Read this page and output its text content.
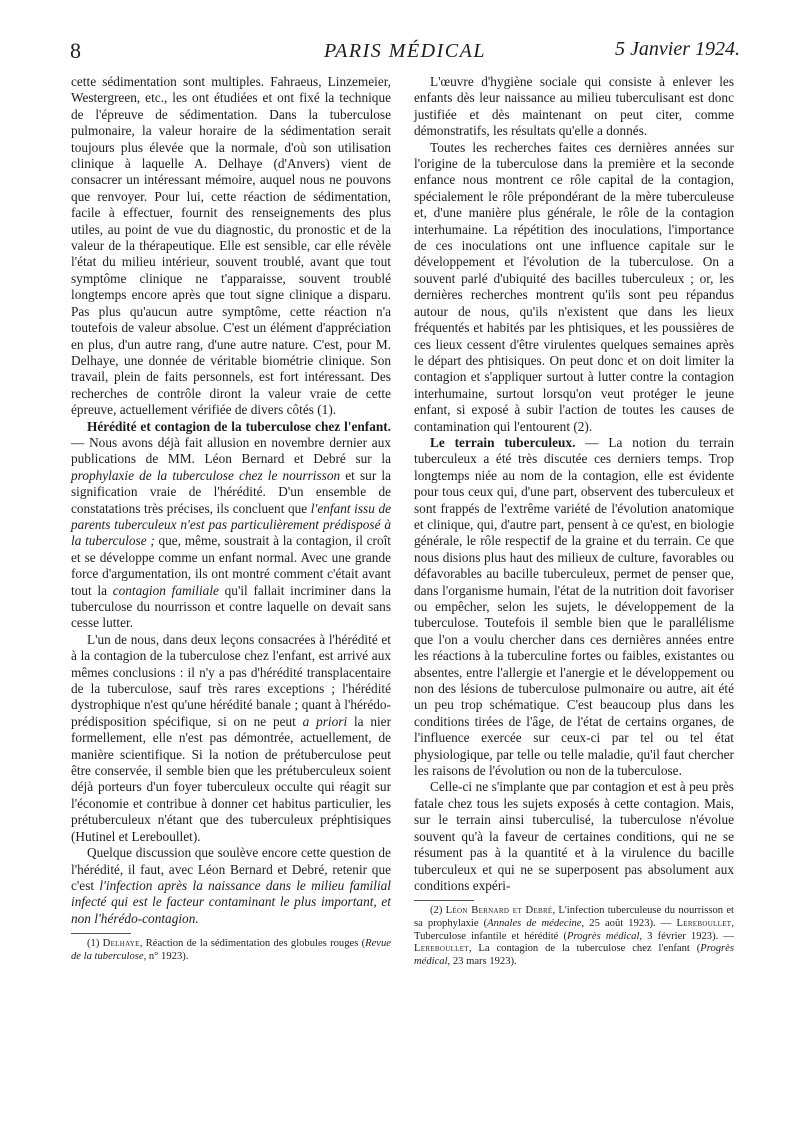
8	PARIS MÉDICAL	5 Janvier 1924.

cette sédimentation sont multiples. Fahraeus, Linzemeier, Westergreen, etc., les ont étudiées et ont fixé la technique de l'épreuve de sédimentation. Dans la tuberculose pulmonaire, la valeur horaire de la sédimentation serait toujours plus élevée que la normale, d'où son utilisation clinique à laquelle A. Delhaye (d'Anvers) vient de consacrer un intéressant mémoire, auquel nous ne pouvons que renvoyer. Pour lui, cette réaction de sédimentation, facile à effectuer, fournit des renseignements des plus utiles, au point de vue du diagnostic, du pronostic et de la valeur de la thérapeutique. Elle est sensible, car elle révèle l'état du milieu intérieur, souvent troublé, avant que tout symptôme clinique ne t'apparaisse, souvent troublé longtemps encore après que tout signe clinique a disparu. Pas plus qu'aucun autre symptôme, cette réaction n'a toutefois de valeur absolue. C'est un élément d'appréciation en plus, d'un autre rang, d'une autre nature. C'est, pour M. Delhaye, une donnée de véritable biométrie clinique. Son travail, plein de faits personnels, est fort intéressant. Des recherches de contrôle diront la valeur vraie de cette épreuve, actuellement vérifiée de divers côtés (1).

Hérédité et contagion de la tuberculose chez l'enfant. — Nous avons déjà fait allusion en novembre dernier aux publications de MM. Léon Bernard et Debré sur la prophylaxie de la tuberculose chez le nourrisson et sur la signification vraie de l'hérédité. D'un ensemble de constatations très précises, ils concluent que l'enfant issu de parents tuberculeux n'est pas particulièrement prédisposé à la tuberculose ; que, même, soustrait à la contagion, il croît et se développe comme un enfant normal. Avec une grande force d'argumentation, ils ont montré comment c'était avant tout la contagion familiale qu'il fallait incriminer dans la tuberculose du nourrisson et contre laquelle on devait sans cesse lutter.

L'un de nous, dans deux leçons consacrées à l'hérédité et à la contagion de la tuberculose chez l'enfant, est arrivé aux mêmes conclusions : il n'y a pas d'hérédité transplacentaire de la tuberculose, sauf très rares exceptions ; l'hérédité dystrophique n'est qu'une hérédité banale ; quant à l'hérédo-prédisposition spécifique, si on ne peut a priori la nier formellement, elle n'est pas démontrée, actuellement, de manière scientifique. Si la notion de prétuberculose peut être conservée, il semble bien que les prétuberculeux soient déjà porteurs d'un foyer tuberculeux occulte qui réagit sur l'économie et contribue à donner cet habitus particulier, les prétuberculeux n'étant que des tuberculeux préphtisiques (Hutinel et Lereboullet).

Quelque discussion que soulève encore cette question de l'hérédité, il faut, avec Léon Bernard et Debré, retenir que c'est l'infection après la naissance dans le milieu familial infecté qui est le facteur contaminant le plus important, et non l'hérédo-contagion.

(1) Delhaye, Réaction de la sédimentation des globules rouges (Revue de la tuberculose, n° 1923).

L'œuvre d'hygiène sociale qui consiste à enlever les enfants dès leur naissance au milieu tuberculisant est donc justifiée et dès maintenant on peut citer, comme démonstratifs, les résultats qu'elle a donnés.

Toutes les recherches faites ces dernières années sur l'origine de la tuberculose dans la première et la seconde enfance nous montrent ce rôle capital de la contagion, spécialement le rôle prépondérant de la mère tuberculeuse et, d'une manière plus générale, le rôle de la contagion interhumaine. La répétition des inoculations, l'importance de ces inoculations ont une influence capitale sur le développement et l'évolution de la tuberculose. On a souvent parlé d'ubiquité des bacilles tuberculeux ; or, les dernières recherches montrent qu'ils sont peu répandus autour de nous, qu'ils n'existent que dans les lieux fréquentés et habités par les phtisiques, et les poussières de ces lieux cessent d'être virulentes quelques semaines après le départ des phtisiques. On peut donc et on doit limiter la contagion et s'appliquer surtout à lutter contre la contagion interhumaine, surtout lorsqu'on veut protéger le jeune enfant, si exposé à subir l'action de toutes les causes de contamination qui l'entourent (2).

Le terrain tuberculeux. — La notion du terrain tuberculeux a été très discutée ces derniers temps. Trop longtemps niée au nom de la contagion, elle est évidente pour tous ceux qui, d'une part, observent des tuberculeux et sont frappés de l'extrême variété de l'évolution anatomique et clinique, qui, d'autre part, pensent à ce qu'est, en biologie générale, le rôle respectif de la graine et du terrain. Ce que nous disions plus haut des milieux de culture, favorables ou défavorables au bacille tuberculeux, permet de penser que, dans l'organisme humain, l'état de la nutrition doit favoriser ou empêcher, selon les sujets, le développement de la tuberculose. Toutefois il semble bien que le parallélisme que l'on a voulu chercher dans ces dernières années entre les réactions à la tuberculine fortes ou faibles, existantes ou absentes, entre l'allergie et l'anergie et le développement ou non des lésions de tuberculose pulmonaire ou autre, ait été un peu trop schématique. C'est beaucoup plus dans les conditions tirées de l'âge, de l'état de certains organes, de l'influence exercée sur ceux-ci par tel ou tel état physiologique, par telle ou telle maladie, qu'il faut chercher les raisons de l'évolution ou non de la tuberculose.

Celle-ci ne s'implante que par contagion et est à peu près fatale chez tous les sujets exposés à cette contagion. Mais, sur le terrain ainsi tuberculisé, la tuberculose n'évolue souvent qu'à la faveur de certaines conditions, qui ne se résument pas à la quantité et à la virulence du bacille tuberculeux et qui ne se superposent pas absolument aux conditions expéri-

(2) Léon Bernard et Debré, L'infection tuberculeuse du nourrisson et sa prophylaxie (Annales de médecine, 25 août 1923). — Lereboullet, Tuberculose infantile et hérédité (Progrès médical, 3 février 1923). — Lereboullet, La contagion de la tuberculose chez l'enfant (Progrès médical, 23 mars 1923).
